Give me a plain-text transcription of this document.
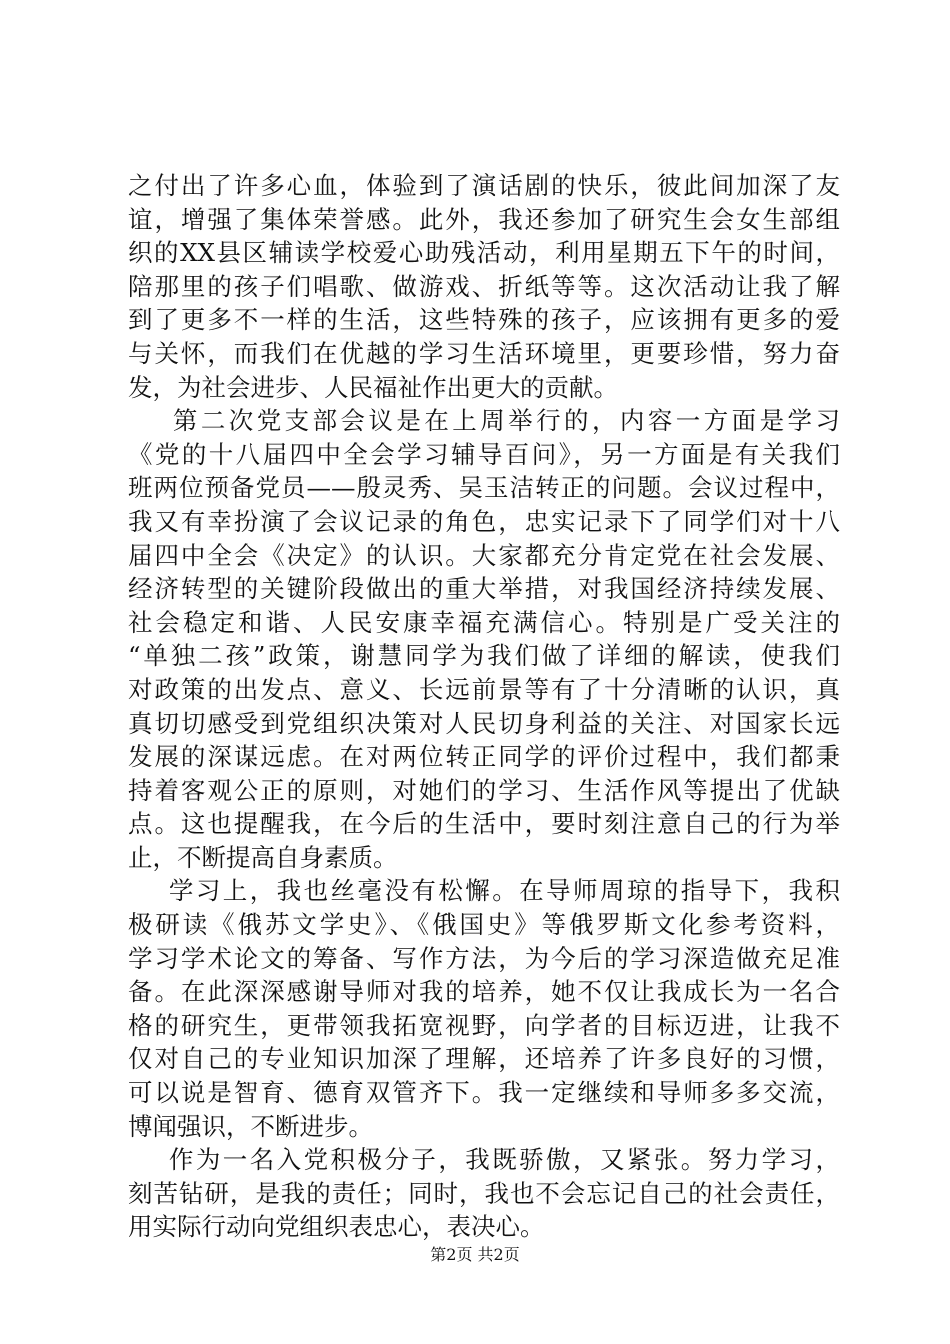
之付出了许多心血，体验到了演话剧的快乐，彼此间加深了友
谊，增强了集体荣誉感。此外，我还参加了研究生会女生部组
织的XX县区辅读学校爱心助残活动，利用星期五下午的时间，
陪那里的孩子们唱歌、做游戏、折纸等等。这次活动让我了解
到了更多不一样的生活，这些特殊的孩子，应该拥有更多的爱
与关怀，而我们在优越的学习生活环境里，更要珍惜，努力奋
发，为社会进步、人民福祉作出更大的贡献。
第二次党支部会议是在上周举行的，内容一方面是学习
《党的十八届四中全会学习辅导百问》，另一方面是有关我们
班两位预备党员——殷灵秀、吴玉洁转正的问题。会议过程中，
我又有幸扮演了会议记录的角色，忠实记录下了同学们对十八
届四中全会《决定》的认识。大家都充分肯定党在社会发展、
经济转型的关键阶段做出的重大举措，对我国经济持续发展、
社会稳定和谐、人民安康幸福充满信心。特别是广受关注的
“单独二孩”政策，谢慧同学为我们做了详细的解读，使我们
对政策的出发点、意义、长远前景等有了十分清晰的认识，真
真切切感受到党组织决策对人民切身利益的关注、对国家长远
发展的深谋远虑。在对两位转正同学的评价过程中，我们都秉
持着客观公正的原则，对她们的学习、生活作风等提出了优缺
点。这也提醒我，在今后的生活中，要时刻注意自己的行为举
止，不断提高自身素质。
学习上，我也丝毫没有松懈。在导师周琼的指导下，我积
极研读《俄苏文学史》、《俄国史》等俄罗斯文化参考资料，
学习学术论文的筹备、写作方法，为今后的学习深造做充足准
备。在此深深感谢导师对我的培养，她不仅让我成长为一名合
格的研究生，更带领我拓宽视野，向学者的目标迈进，让我不
仅对自己的专业知识加深了理解，还培养了许多良好的习惯，
可以说是智育、德育双管齐下。我一定继续和导师多多交流，
博闻强识，不断进步。
作为一名入党积极分子，我既骄傲，又紧张。努力学习，
刻苦钻研，是我的责任；同时，我也不会忘记自己的社会责任，
用实际行动向党组织表忠心，表决心。
第2页 共2页
